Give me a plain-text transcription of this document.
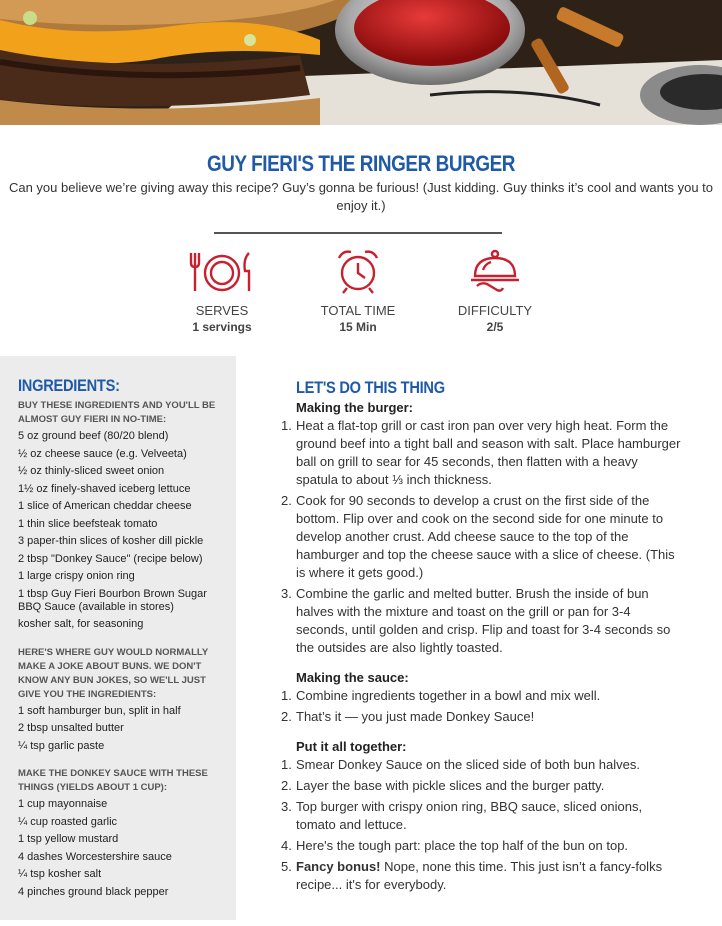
GUY FIERI'S THE RINGER BURGER

Can you believe we’re giving away this recipe? Guy’s gonna be furious! (Just kidding. Guy thinks it’s cool and wants you to enjoy it.)

SERVES
1 servings
TOTAL TIME
15 Min
DIFFICULTY
2/5
INGREDIENTS:
BUY THESE INGREDIENTS AND YOU'LL BE ALMOST GUY FIERI IN NO-TIME:
5 oz ground beef (80/20 blend)
½ oz cheese sauce (e.g. Velveeta)
½ oz thinly-sliced sweet onion
1½ oz finely-shaved iceberg lettuce
1 slice of American cheddar cheese
1 thin slice beefsteak tomato
3 paper-thin slices of kosher dill pickle
2 tbsp "Donkey Sauce" (recipe below)
1 large crispy onion ring
1 tbsp Guy Fieri Bourbon Brown Sugar BBQ Sauce (available in stores)
kosher salt, for seasoning
HERE'S WHERE GUY WOULD NORMALLY MAKE A JOKE ABOUT BUNS. WE DON'T KNOW ANY BUN JOKES, SO WE'LL JUST GIVE YOU THE INGREDIENTS:
1 soft hamburger bun, split in half
2 tbsp unsalted butter
¼ tsp garlic paste
MAKE THE DONKEY SAUCE WITH THESE THINGS (YIELDS ABOUT 1 CUP):
1 cup mayonnaise
¼ cup roasted garlic
1 tsp yellow mustard
4 dashes Worcestershire sauce
¼ tsp kosher salt
4 pinches ground black pepper
LET'S DO THIS THING
Making the burger:
1. Heat a flat-top grill or cast iron pan over very high heat. Form the ground beef into a tight ball and season with salt. Place hamburger ball on grill to sear for 45 seconds, then flatten with a heavy spatula to about ⅓ inch thickness.
2. Cook for 90 seconds to develop a crust on the first side of the bottom. Flip over and cook on the second side for one minute to develop another crust. Add cheese sauce to the top of the hamburger and top the cheese sauce with a slice of cheese. (This is where it gets good.)
3. Combine the garlic and melted butter. Brush the inside of bun halves with the mixture and toast on the grill or pan for 3-4 seconds, until golden and crisp. Flip and toast for 3-4 seconds so the outsides are also lightly toasted.
Making the sauce:
1. Combine ingredients together in a bowl and mix well.
2. That’s it — you just made Donkey Sauce!
Put it all together:
1. Smear Donkey Sauce on the sliced side of both bun halves.
2. Layer the base with pickle slices and the burger patty.
3. Top burger with crispy onion ring, BBQ sauce, sliced onions, tomato and lettuce.
4. Here's the tough part: place the top half of the bun on top.
5. Fancy bonus! Nope, none this time. This just isn’t a fancy-folks recipe... it's for everybody.
